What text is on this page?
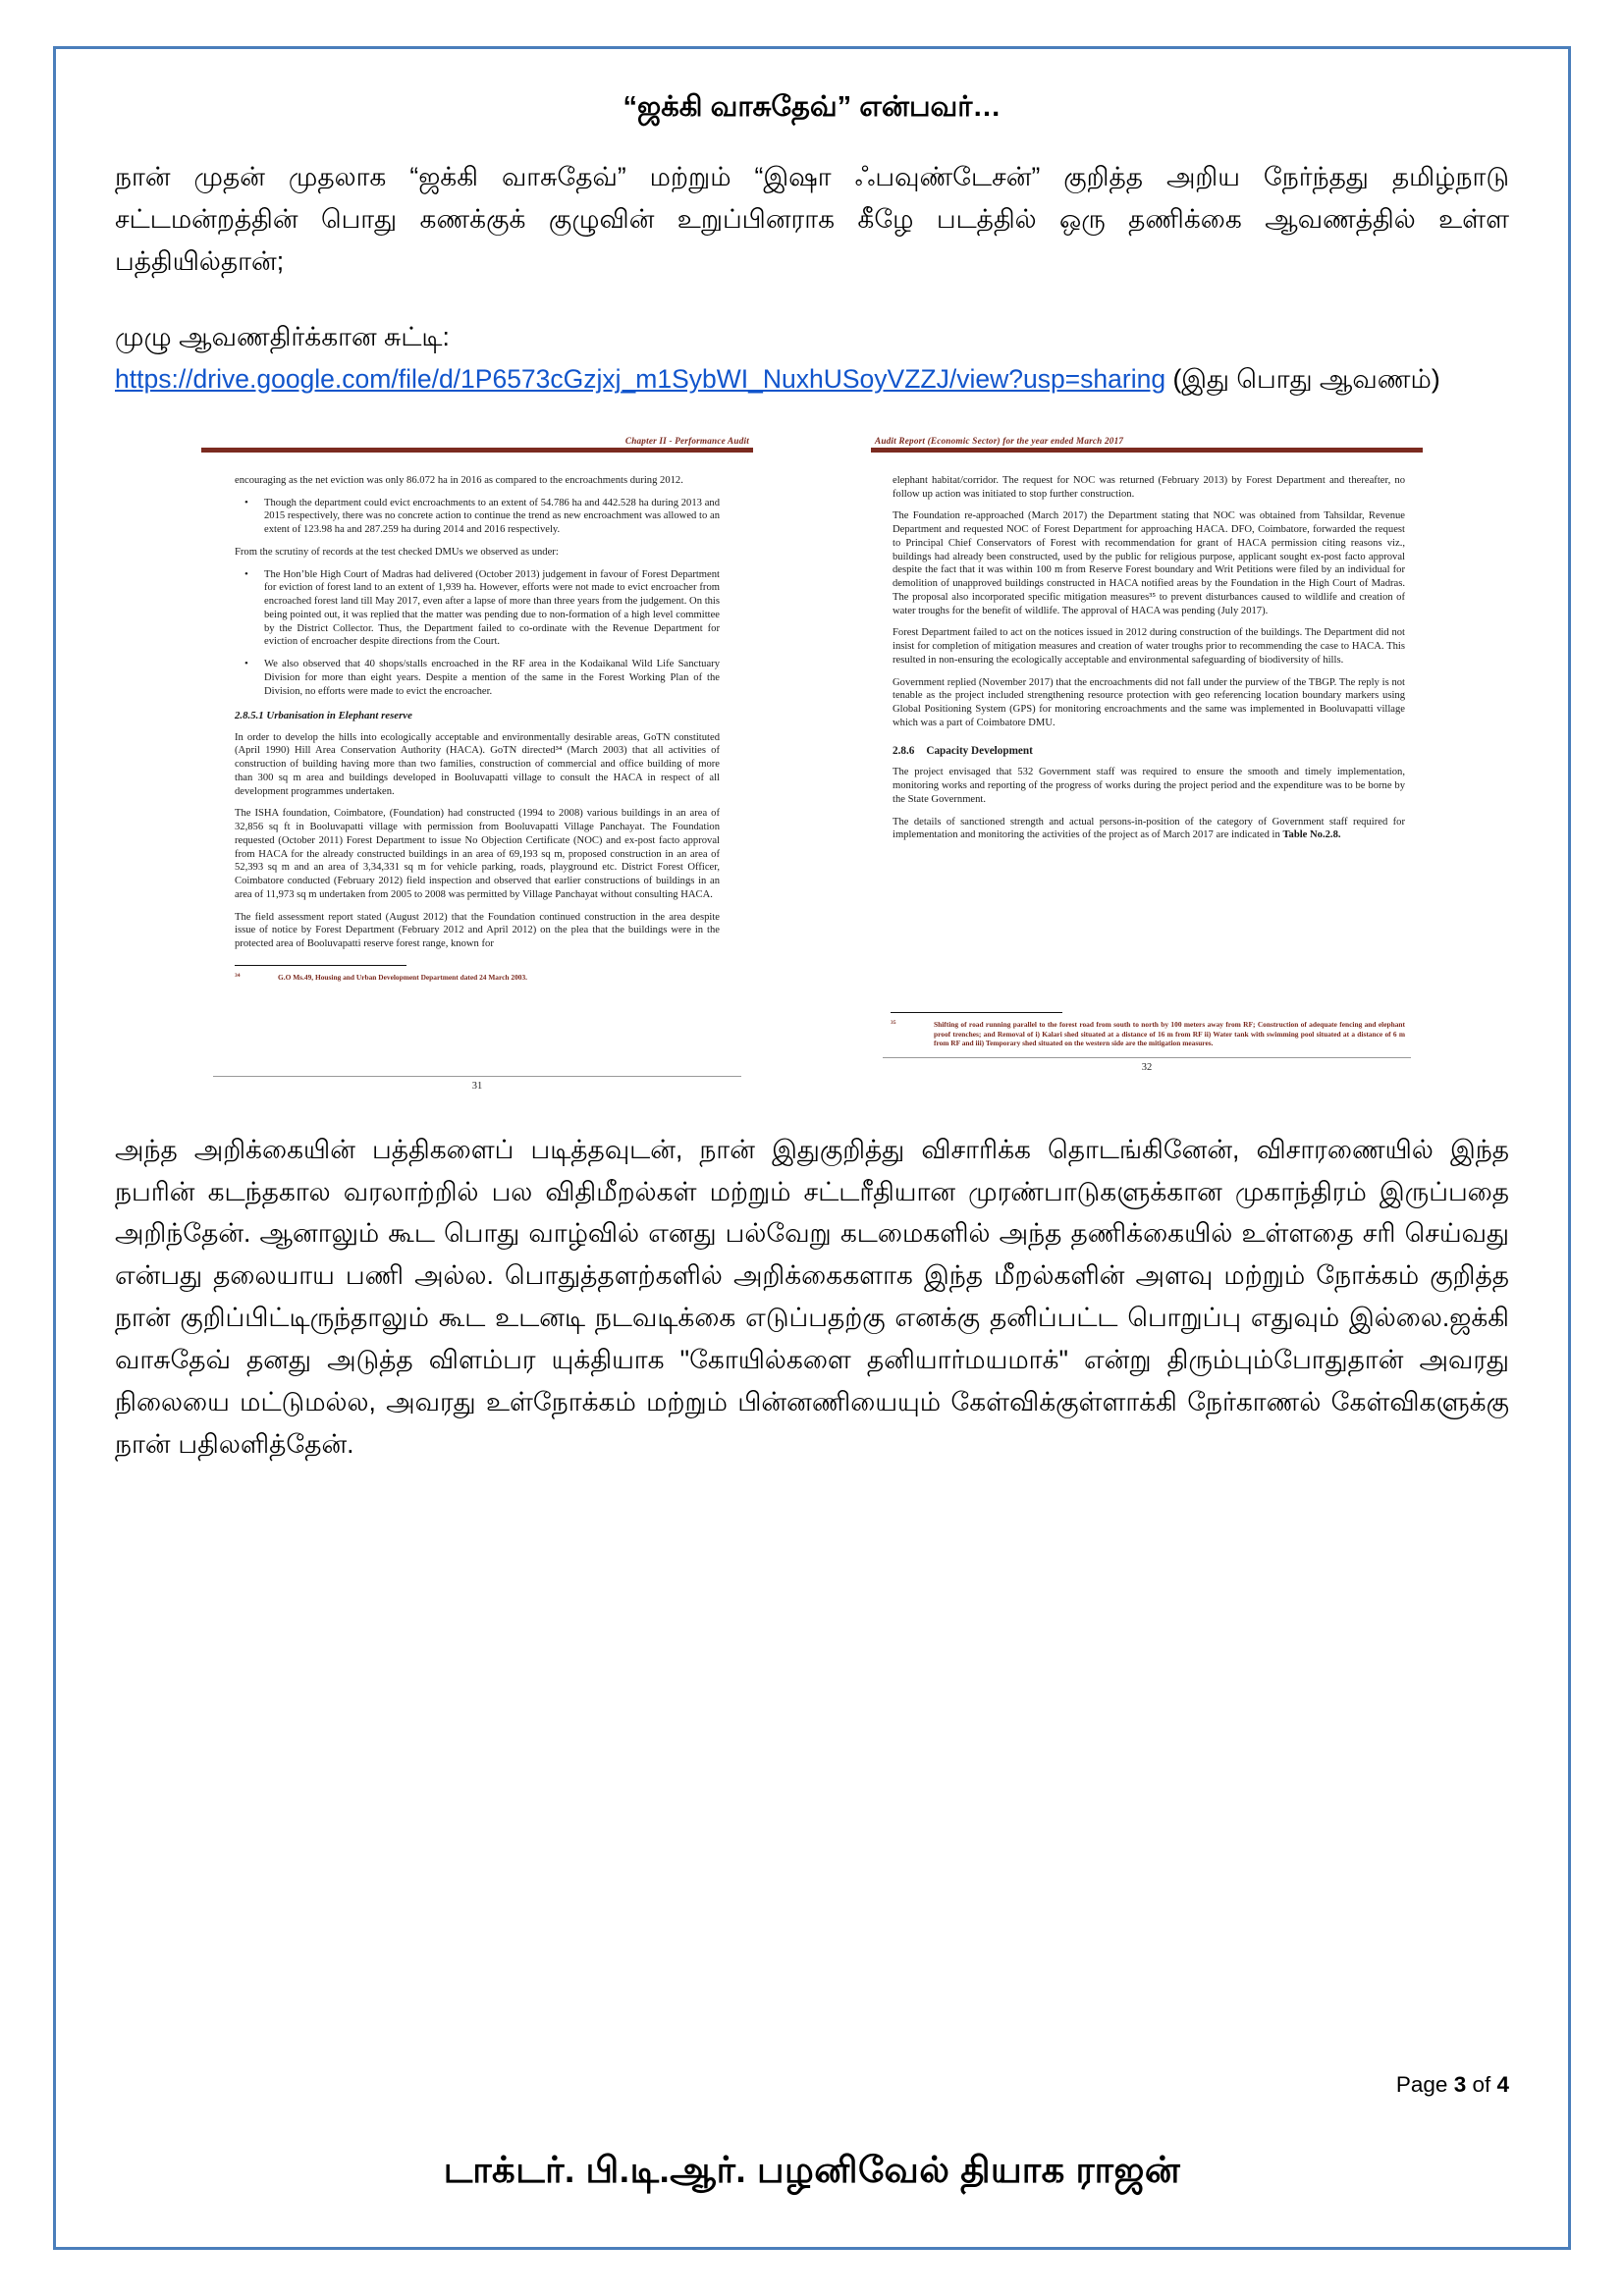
“ஜக்கி வாசுதேவ்” என்பவர்…
நான் முதன் முதலாக “ஜக்கி வாசுதேவ்” மற்றும் “இஷா ஃபவுண்டேசன்” குறித்த அறிய நேர்ந்தது தமிழ்நாடு சட்டமன்றத்தின் பொது கணக்குக் குழுவின் உறுப்பினராக கீழே படத்தில் ஒரு தணிக்கை ஆவணத்தில் உள்ள பத்தியில்தான்;
முழு ஆவணதிர்க்கான சுட்டி:
https://drive.google.com/file/d/1P6573cGzjxj_m1SybWI_NuxhUSoyVZZJ/view?usp=sharing (இது பொது ஆவணம்)
Chapter II - Performance Audit

encouraging as the net eviction was only 86.072 ha in 2016 as compared to the encroachments during 2012.

• Though the department could evict encroachments to an extent of 54.786 ha and 442.528 ha during 2013 and 2015 respectively, there was no concrete action to continue the trend as new encroachment was allowed to an extent of 123.98 ha and 287.259 ha during 2014 and 2016 respectively.

From the scrutiny of records at the test checked DMUs we observed as under:

• The Hon’ble High Court of Madras had delivered (October 2013) judgement in favour of Forest Department for eviction of forest land to an extent of 1,939 ha. However, efforts were not made to evict encroacher from encroached forest land till May 2017, even after a lapse of more than three years from the judgement. On this being pointed out, it was replied that the matter was pending due to non-formation of a high level committee by the District Collector. Thus, the Department failed to co-ordinate with the Revenue Department for eviction of encroacher despite directions from the Court.
• We also observed that 40 shops/stalls encroached in the RF area in the Kodaikanal Wild Life Sanctuary Division for more than eight years. Despite a mention of the same in the Forest Working Plan of the Division, no efforts were made to evict the encroacher.
2.8.5.1 Urbanisation in Elephant reserve

In order to develop the hills into ecologically acceptable and environmentally desirable areas, GoTN constituted (April 1990) Hill Area Conservation Authority (HACA). GoTN directed³⁴ (March 2003) that all activities of construction of building having more than two families, construction of commercial and office building of more than 300 sq m area and buildings developed in Booluvapatti village to consult the HACA in respect of all development programmes undertaken.

The ISHA foundation, Coimbatore, (Foundation) had constructed (1994 to 2008) various buildings in an area of 32,856 sq ft in Booluvapatti village with permission from Booluvapatti Village Panchayat. The Foundation requested (October 2011) Forest Department to issue No Objection Certificate (NOC) and ex-post facto approval from HACA for the already constructed buildings in an area of 69,193 sq m, proposed construction in an area of 52,393 sq m and an area of 3,34,331 sq m for vehicle parking, roads, playground etc. District Forest Officer, Coimbatore conducted (February 2012) field inspection and observed that earlier constructions of buildings in an area of 11,973 sq m undertaken from 2005 to 2008 was permitted by Village Panchayat without consulting HACA.

The field assessment report stated (August 2012) that the Foundation continued construction in the area despite issue of notice by Forest Department (February 2012 and April 2012) on the plea that the buildings were in the protected area of Booluvapatti reserve forest range, known for

34	G.O Ms.49, Housing and Urban Development Department dated 24 March 2003.
31
Audit Report (Economic Sector) for the year ended March 2017

elephant habitat/corridor. The request for NOC was returned (February 2013) by Forest Department and thereafter, no follow up action was initiated to stop further construction.

The Foundation re-approached (March 2017) the Department stating that NOC was obtained from Tahsildar, Revenue Department and requested NOC of Forest Department for approaching HACA. DFO, Coimbatore, forwarded the request to Principal Chief Conservators of Forest with recommendation for grant of HACA permission citing reasons viz., buildings had already been constructed, used by the public for religious purpose, applicant sought ex-post facto approval despite the fact that it was within 100 m from Reserve Forest boundary and Writ Petitions were filed by an individual for demolition of unapproved buildings constructed in HACA notified areas by the Foundation in the High Court of Madras. The proposal also incorporated specific mitigation measures³⁵ to prevent disturbances caused to wildlife and creation of water troughs for the benefit of wildlife. The approval of HACA was pending (July 2017).

Forest Department failed to act on the notices issued in 2012 during construction of the buildings. The Department did not insist for completion of mitigation measures and creation of water troughs prior to recommending the case to HACA. This resulted in non-ensuring the ecologically acceptable and environmental safeguarding of biodiversity of hills.

Government replied (November 2017) that the encroachments did not fall under the purview of the TBGP. The reply is not tenable as the project included strengthening resource protection with geo referencing location boundary markers using Global Positioning System (GPS) for monitoring encroachments and the same was implemented in Booluvapatti village which was a part of Coimbatore DMU.

2.8.6 Capacity Development

The project envisaged that 532 Government staff was required to ensure the smooth and timely implementation, monitoring works and reporting of the progress of works during the project period and the expenditure was to be borne by the State Government.

The details of sanctioned strength and actual persons-in-position of the category of Government staff required for implementation and monitoring the activities of the project as of March 2017 are indicated in Table No.2.8.

35	Shifting of road running parallel to the forest road from south to north by 100 meters away from RF; Construction of adequate fencing and elephant proof trenches; and Removal of i) Kalari shed situated at a distance of 16 m from RF ii) Water tank with swimming pool situated at a distance of 6 m from RF and iii) Temporary shed situated on the western side are the mitigation measures.
32
அந்த அறிக்கையின் பத்திகளைப் படித்தவுடன், நான் இதுகுறித்து விசாரிக்க தொடங்கினேன், விசாரணையில் இந்த நபரின் கடந்தகால வரலாற்றில் பல விதிமீறல்கள் மற்றும் சட்டரீதியான முரண்பாடுகளுக்கான முகாந்திரம் இருப்பதை அறிந்தேன். ஆனாலும் கூட பொது வாழ்வில் எனது பல்வேறு கடமைகளில் அந்த தணிக்கையில் உள்ளதை சரி செய்வது என்பது தலையாய பணி அல்ல. பொதுத்தளற்களில் அறிக்கைகளாக இந்த மீறல்களின் அளவு மற்றும் நோக்கம் குறித்த நான் குறிப்பிட்டிருந்தாலும் கூட உடனடி நடவடிக்கை எடுப்பதற்கு எனக்கு தனிப்பட்ட பொறுப்பு எதுவும் இல்லை.ஜக்கி வாசுதேவ் தனது அடுத்த விளம்பர யுக்தியாக "கோயில்களை தனியார்மயமாக்" என்று திரும்பும்போதுதான் அவரது நிலையை மட்டுமல்ல, அவரது உள்நோக்கம் மற்றும் பின்னணியையும் கேள்விக்குள்ளாக்கி நேர்காணல் கேள்விகளுக்கு நான் பதிலளித்தேன்.
Page 3 of 4
டாக்டர். பி.டி.ஆர். பழனிவேல் தியாக ராஜன்
